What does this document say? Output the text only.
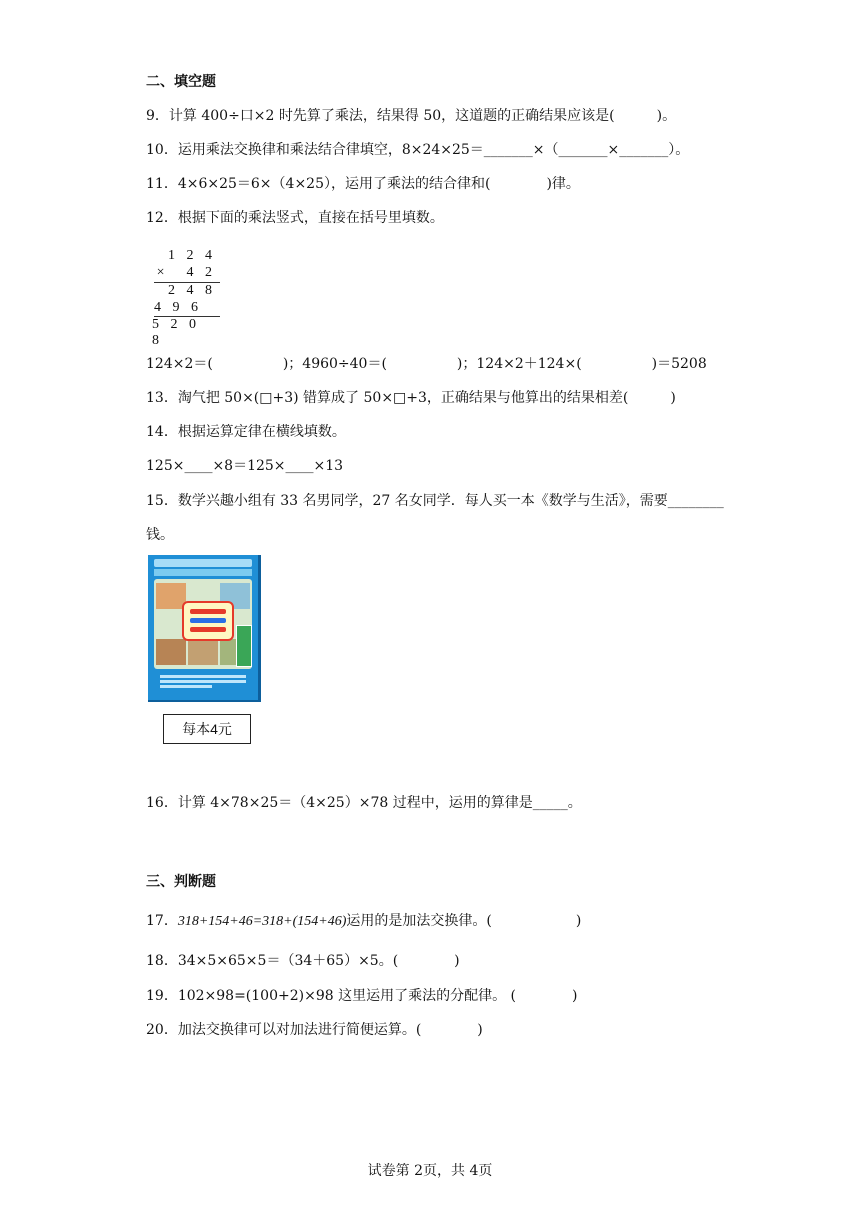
二、填空题
9．计算 400÷口×2 时先算了乘法，结果得 50，这道题的正确结果应该是(　　　)。
10．运用乘法交换律和乘法结合律填空，8×24×25＝_______×（_______×_______）。
11．4×6×25＝6×（4×25），运用了乘法的结合律和(　　　　)律。
12．根据下面的乘法竖式，直接在括号里填数。
1 2 4
×　4 2
2 4 8
4 9 6
5 2 0 8
124×2＝(　　　　　)；4960÷40＝(　　　　　)；124×2＋124×(　　　　　)＝5208
13．淘气把 50×(□+3) 错算成了 50×□+3，正确结果与他算出的结果相差(　　　)
14．根据运算定律在横线填数。
125×____×8＝125×____×13
15．数学兴趣小组有 33 名男同学，27 名女同学．每人买一本《数学与生活》，需要________
钱。
每本4元
16．计算 4×78×25＝（4×25）×78 过程中，运用的算律是_____。
三、判断题
17．318+154+46=318+(154+46)运用的是加法交换律。(　　　　　　)
18．34×5×65×5＝（34＋65）×5。(　　　　)
19．102×98=(100+2)×98 这里运用了乘法的分配律。 (　　　　)
20．加法交换律可以对加法进行简便运算。(　　　　)
试卷第 2页，共 4页
